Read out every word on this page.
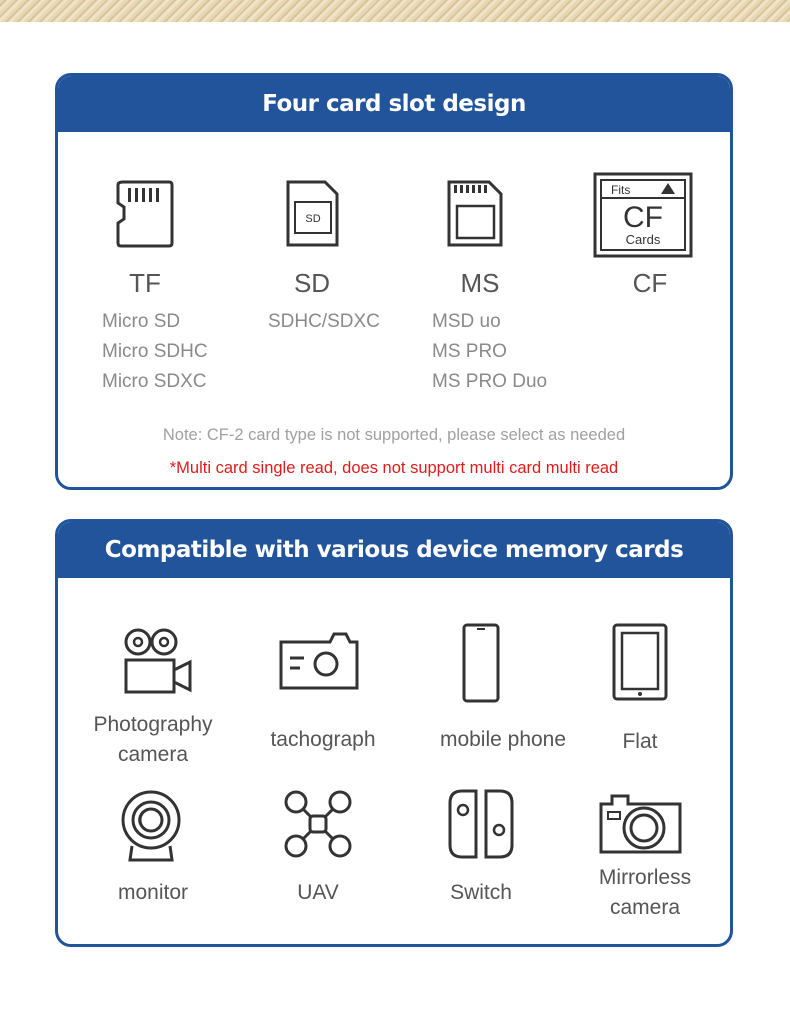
Four card slot design
TF
Micro SD
Micro SDHC
Micro SDXC
SD
SD
SDHC/SDXC
MS
MSD uo
MS PRO
MS PRO Duo
Fits
CF
Cards
CF
Note: CF-2 card type is not supported, please select as needed
*Multi card single read, does not support multi card multi read
Compatible with various device memory cards
Photography
camera
tachograph	mobile phone	Flat
monitor	UAV	Switch
Mirrorless
camera
